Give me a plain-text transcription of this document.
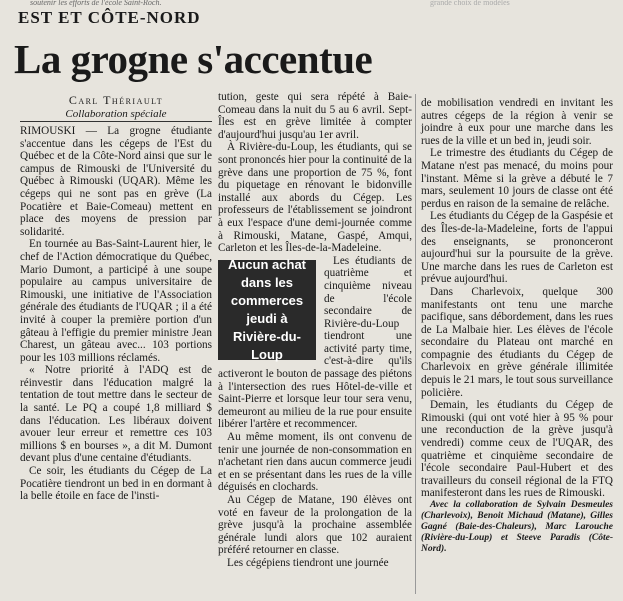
soutenir les efforts de l'école Saint-Roch.	grande choix de modèles
EST ET CÔTE-NORD
La grogne s'accentue
Carl Thériault
Collaboration spéciale

RIMOUSKI — La grogne étudiante s'accentue dans les cégeps de l'Est du Québec et de la Côte-Nord ainsi que sur le campus de Rimouski de l'Université du Québec à Rimouski (UQAR). Même les cégeps qui ne sont pas en grève (La Pocatière et Baie-Comeau) mettent en place des moyens de pression par solidarité.

En tournée au Bas-Saint-Laurent hier, le chef de l'Action démocratique du Québec, Mario Dumont, a participé à une soupe populaire au campus universitaire de Rimouski, une initiative de l'Association générale des étudiants de l'UQAR ; il a été invité à couper la première portion d'un gâteau à l'effigie du premier ministre Jean Charest, un gâteau avec... 103 portions pour les 103 millions réclamés.

« Notre priorité à l'ADQ est de réinvestir dans l'éducation malgré la tentation de tout mettre dans le secteur de la santé. Le PQ a coupé 1,8 milliard $ dans l'éducation. Les libéraux doivent avouer leur erreur et remettre ces 103 millions $ en bourses », a dit M. Dumont devant plus d'une centaine d'étudiants.

Ce soir, les étudiants du Cégep de La Pocatière tiendront un bed in en dormant à la belle étoile en face de l'insti-

tution, geste qui sera répété à Baie-Comeau dans la nuit du 5 au 6 avril. Sept-Îles est en grève limitée à compter d'aujourd'hui jusqu'au 1er avril.

À Rivière-du-Loup, les étudiants, qui se sont prononcés hier pour la continuité de la grève dans une proportion de 75 %, font du piquetage en rénovant le bidonville installé aux abords du Cégep. Les professeurs de l'établissement se joindront à eux l'espace d'une demi-journée comme à Rimouski, Matane, Gaspé, Amqui, Carleton et les Îles-de-la-Madeleine.

Aucun achat dans les commerces jeudi à Rivière-du-Loup

Les étudiants de quatrième et cinquième niveau de l'école secondaire de Rivière-du-Loup tiendront une activité party time, c'est-à-dire qu'ils activeront le bouton de passage des piétons à l'intersection des rues Hôtel-de-ville et Saint-Pierre et lorsque leur tour sera venu, demeuront au milieu de la rue pour ensuite libérer l'artère et recommencer.

Au même moment, ils ont convenu de tenir une journée de non-consommation en n'achetant rien dans aucun commerce jeudi et en se présentant dans les rues de la ville déguisés en clochards.

Au Cégep de Matane, 190 élèves ont voté en faveur de la prolongation de la grève jusqu'à la prochaine assemblée générale lundi alors que 102 auraient préféré retourner en classe.

Les cégépiens tiendront une journée

de mobilisation vendredi en invitant les autres cégeps de la région à venir se joindre à eux pour une marche dans les rues de la ville et un bed in, jeudi soir.

Le trimestre des étudiants du Cégep de Matane n'est pas menacé, du moins pour l'instant. Même si la grève a débuté le 7 mars, seulement 10 jours de classe ont été perdus en raison de la semaine de relâche.

Les étudiants du Cégep de la Gaspésie et des Îles-de-la-Madeleine, forts de l'appui des enseignants, se prononceront aujourd'hui sur la poursuite de la grève. Une marche dans les rues de Carleton est prévue aujourd'hui.

Dans Charlevoix, quelque 300 manifestants ont tenu une marche pacifique, sans débordement, dans les rues de La Malbaie hier. Les élèves de l'école secondaire du Plateau ont marché en compagnie des étudiants du Cégep de Charlevoix en grève générale illimitée depuis le 21 mars, le tout sous surveillance policière.

Demain, les étudiants du Cégep de Rimouski (qui ont voté hier à 95 % pour une reconduction de la grève jusqu'à vendredi) comme ceux de l'UQAR, des quatrième et cinquième secondaire de l'école secondaire Paul-Hubert et des travailleurs du conseil régional de la FTQ manifesteront dans les rues de Rimouski.

Avec la collaboration de Sylvain Desmeules (Charlevoix), Benoit Michaud (Matane), Gilles Gagné (Baie-des-Chaleurs), Marc Larouche (Rivière-du-Loup) et Steeve Paradis (Côte-Nord).
